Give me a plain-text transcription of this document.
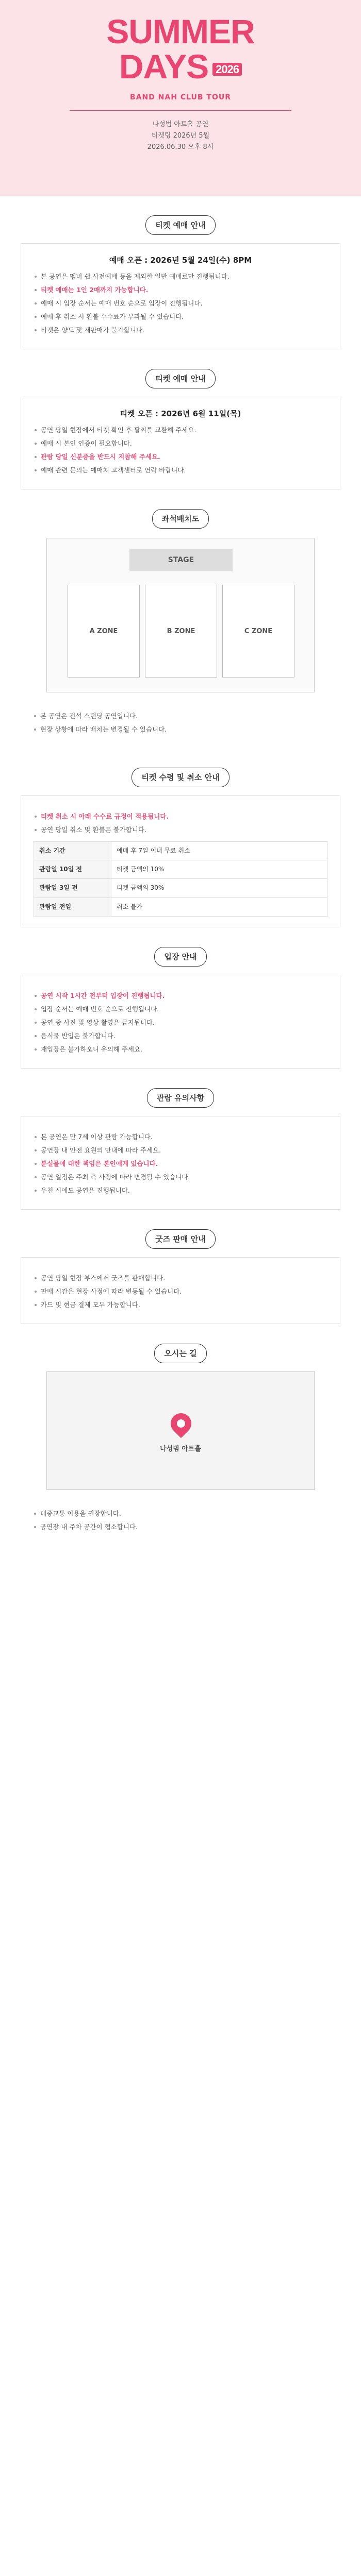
SUMMER
DAYS 2026
BAND NAH CLUB TOUR
나성범 아트홀 공연
티켓팅 2026년 5월
2026.06.30 오후 8시
티켓 예매 안내
예매 오픈 : 2026년 5월 24일(수) 8PM
본 공연은 멤버 쉽 사전예매 등을 제외한 일반 예매로만 진행됩니다.
티켓 예매는 1인 2매까지 가능합니다.
예매 시 입장 순서는 예매 번호 순으로 입장이 진행됩니다.
예매 후 취소 시 환불 수수료가 부과될 수 있습니다.
티켓은 양도 및 재판매가 불가합니다.
티켓 예매 안내
티켓 오픈 : 2026년 6월 11일(목)
공연 당일 현장에서 티켓 확인 후 팔찌를 교환해 주세요.
예매 시 본인 인증이 필요합니다.
관람 당일 신분증을 반드시 지참해 주세요.
예매 관련 문의는 예매처 고객센터로 연락 바랍니다.
좌석배치도
STAGE
A ZONE	B ZONE	C ZONE
본 공연은 전석 스탠딩 공연입니다.
현장 상황에 따라 배치는 변경될 수 있습니다.
티켓 수령 및 취소 안내
티켓 취소 시 아래 수수료 규정이 적용됩니다.
공연 당일 취소 및 환불은 불가합니다.
취소 기간	예매 후 7일 이내 무료 취소
관람일 10일 전	티켓 금액의 10%
관람일 3일 전	티켓 금액의 30%
관람일 전일	취소 불가
입장 안내
공연 시작 1시간 전부터 입장이 진행됩니다.
입장 순서는 예매 번호 순으로 진행됩니다.
공연 중 사진 및 영상 촬영은 금지됩니다.
음식물 반입은 불가합니다.
재입장은 불가하오니 유의해 주세요.
관람 유의사항
본 공연은 만 7세 이상 관람 가능합니다.
공연장 내 안전 요원의 안내에 따라 주세요.
분실물에 대한 책임은 본인에게 있습니다.
공연 일정은 주최 측 사정에 따라 변경될 수 있습니다.
우천 시에도 공연은 진행됩니다.
굿즈 판매 안내
공연 당일 현장 부스에서 굿즈를 판매합니다.
판매 시간은 현장 사정에 따라 변동될 수 있습니다.
카드 및 현금 결제 모두 가능합니다.
오시는 길
나성범 아트홀
대중교통 이용을 권장합니다.
공연장 내 주차 공간이 협소합니다.
